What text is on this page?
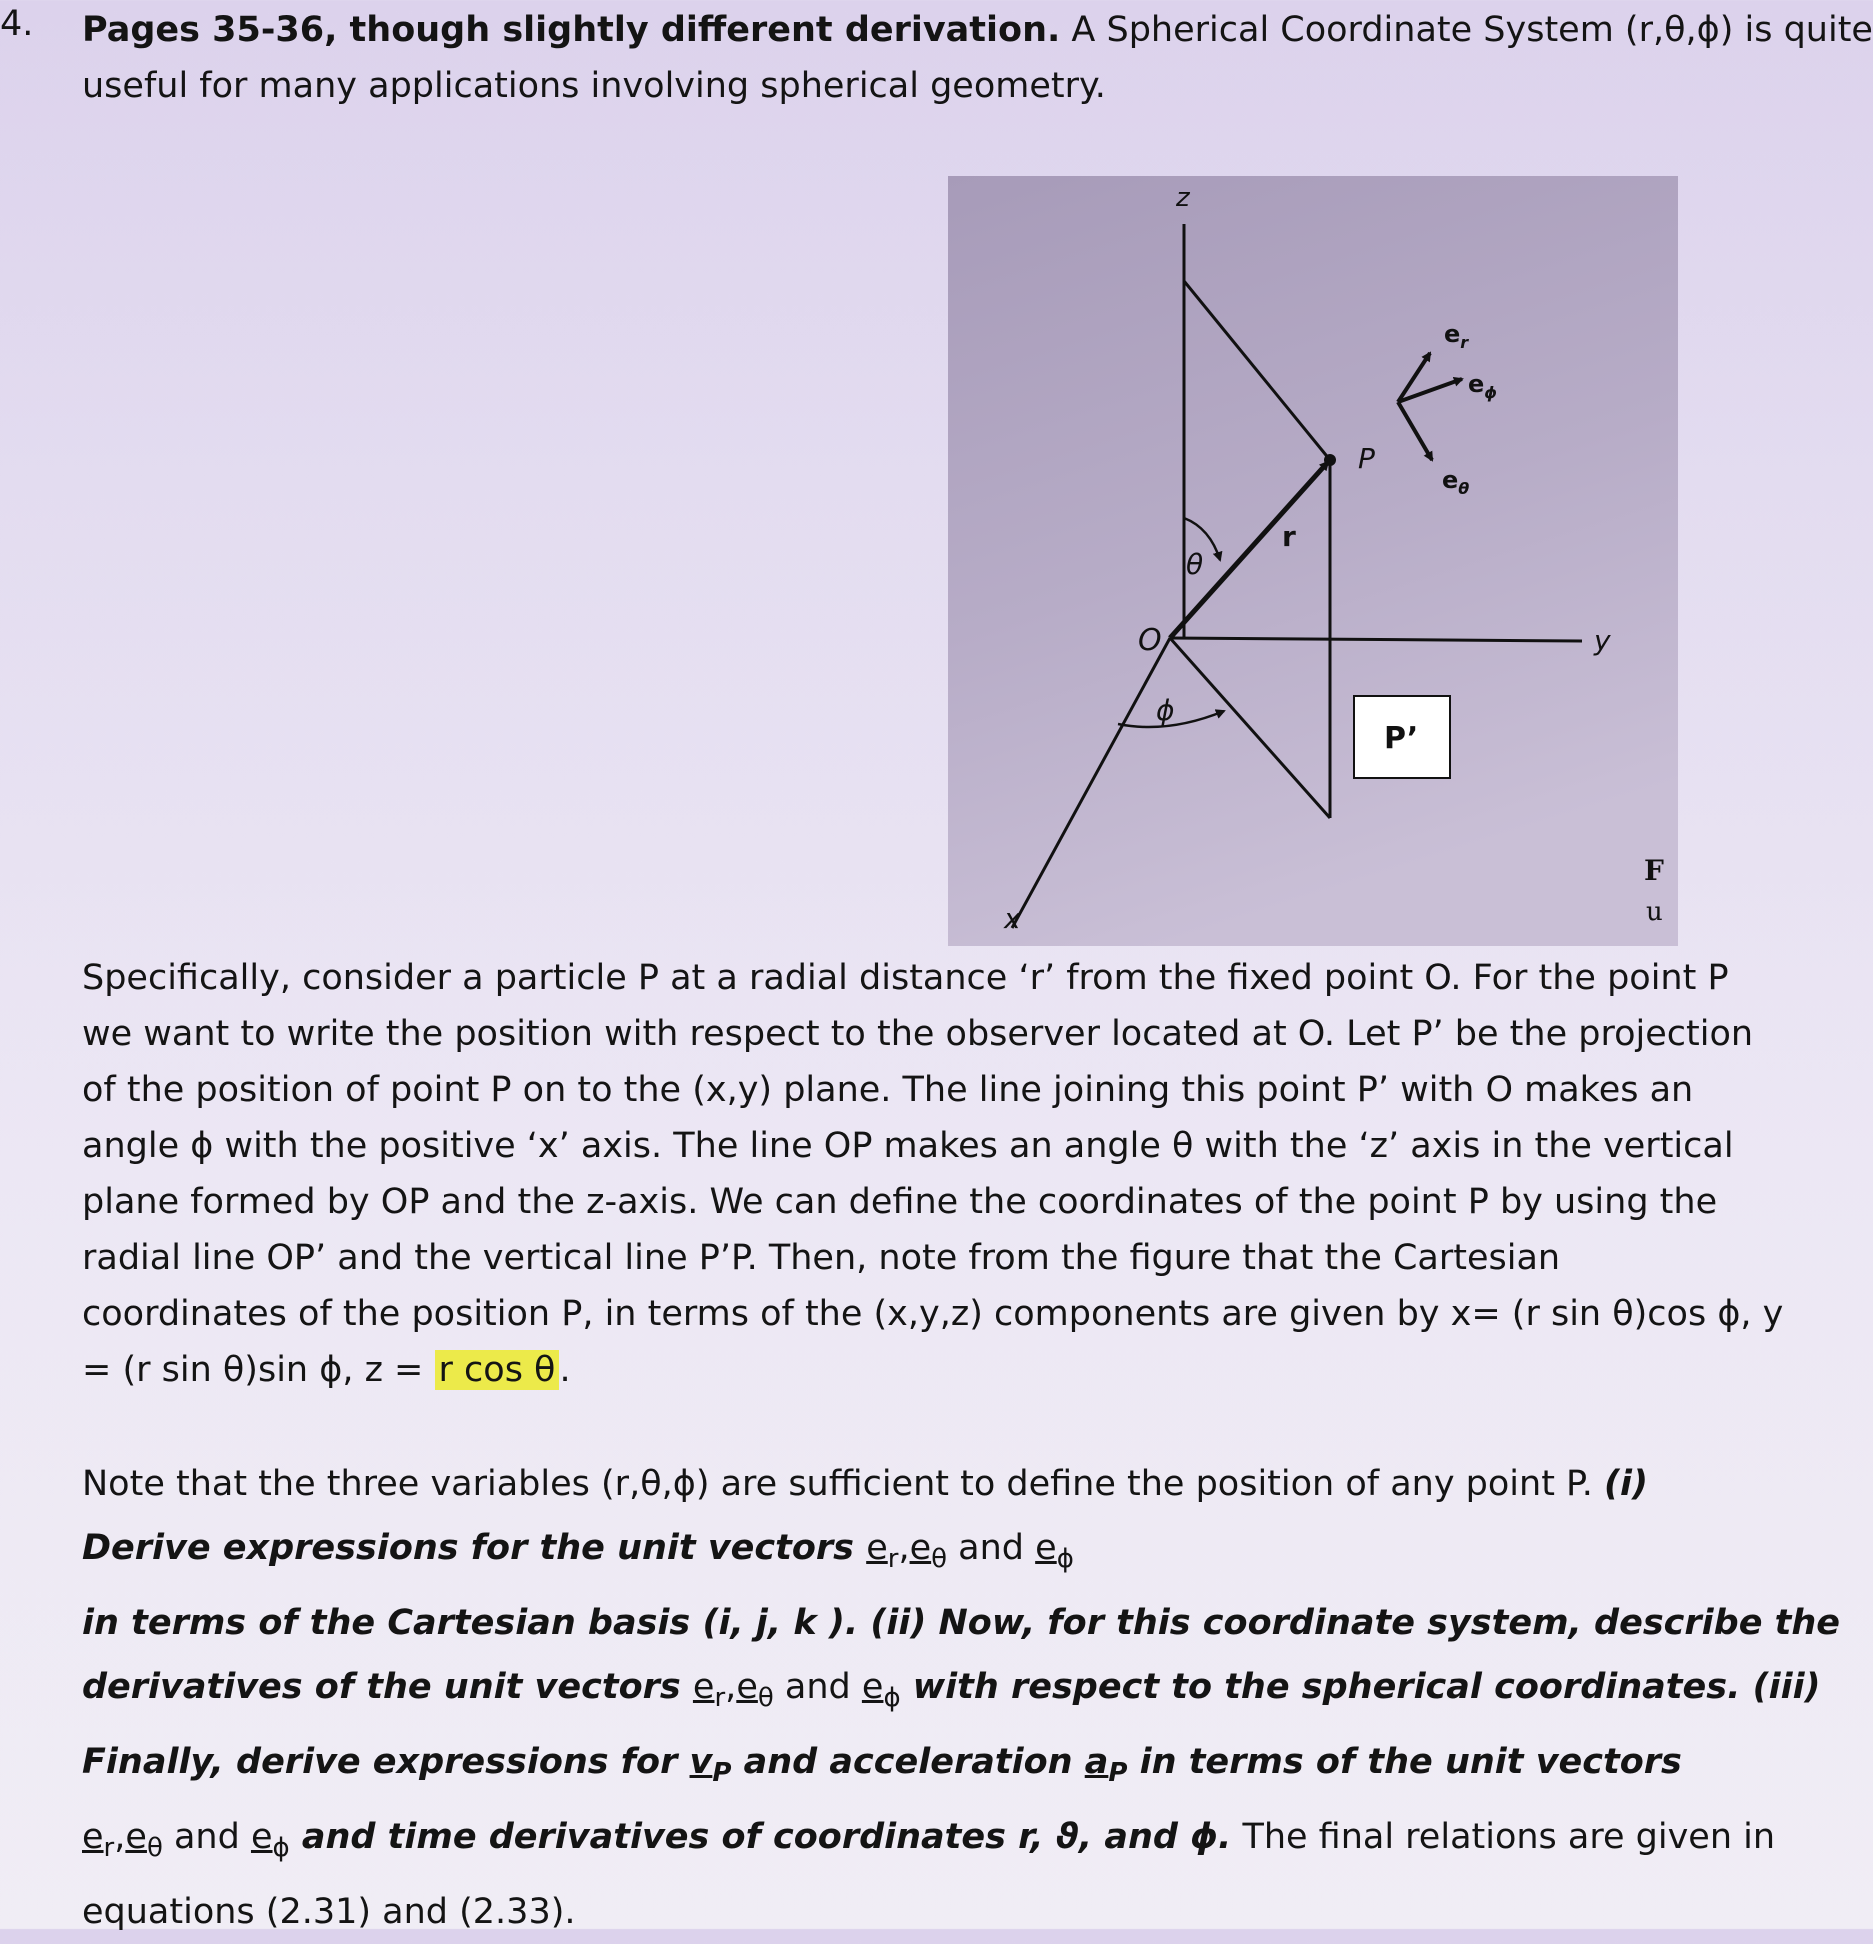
4. Pages 35-36, though slightly different derivation. A Spherical Coordinate System (r,θ,ϕ) is quite
useful for many applications involving spherical geometry.
z
P
r
θ
O
ϕ
y
x
P’
$e_r$
$e_\phi$
$e_\theta$
F
u
Specifically, consider a particle P at a radial distance ‘r’ from the fixed point O. For the point P
we want to write the position with respect to the observer located at O. Let P’ be the projection
of the position of point P on to the (x,y) plane. The line joining this point P’ with O makes an
angle ϕ with the positive ‘x’ axis. The line OP makes an angle θ with the ‘z’ axis in the vertical
plane formed by OP and the z-axis. We can define the coordinates of the point P by using the
radial line OP’ and the vertical line P’P. Then, note from the figure that the Cartesian
coordinates of the position P, in terms of the (x,y,z) components are given by x= (r sin θ)cos ϕ, y
= (r sin θ)sin ϕ, z = r cos θ .
Note that the three variables (r,θ,ϕ) are sufficient to define the position of any point P. (i)
Derive expressions for the unit vectors $e_r,e_\theta$ and $e_\phi$
in terms of the Cartesian basis (i, j, k ). (ii) Now, for this coordinate system, describe the
derivatives of the unit vectors $e_r,e_\theta$ and $e_\phi$ with respect to the spherical coordinates. (iii)
Finally, derive expressions for $v_P$ and acceleration $a_P$ in terms of the unit vectors
$e_r,e_\theta$ and $e_\phi$ and time derivatives of coordinates r, ϑ, and ϕ. The final relations are given in
equations (2.31) and (2.33).
